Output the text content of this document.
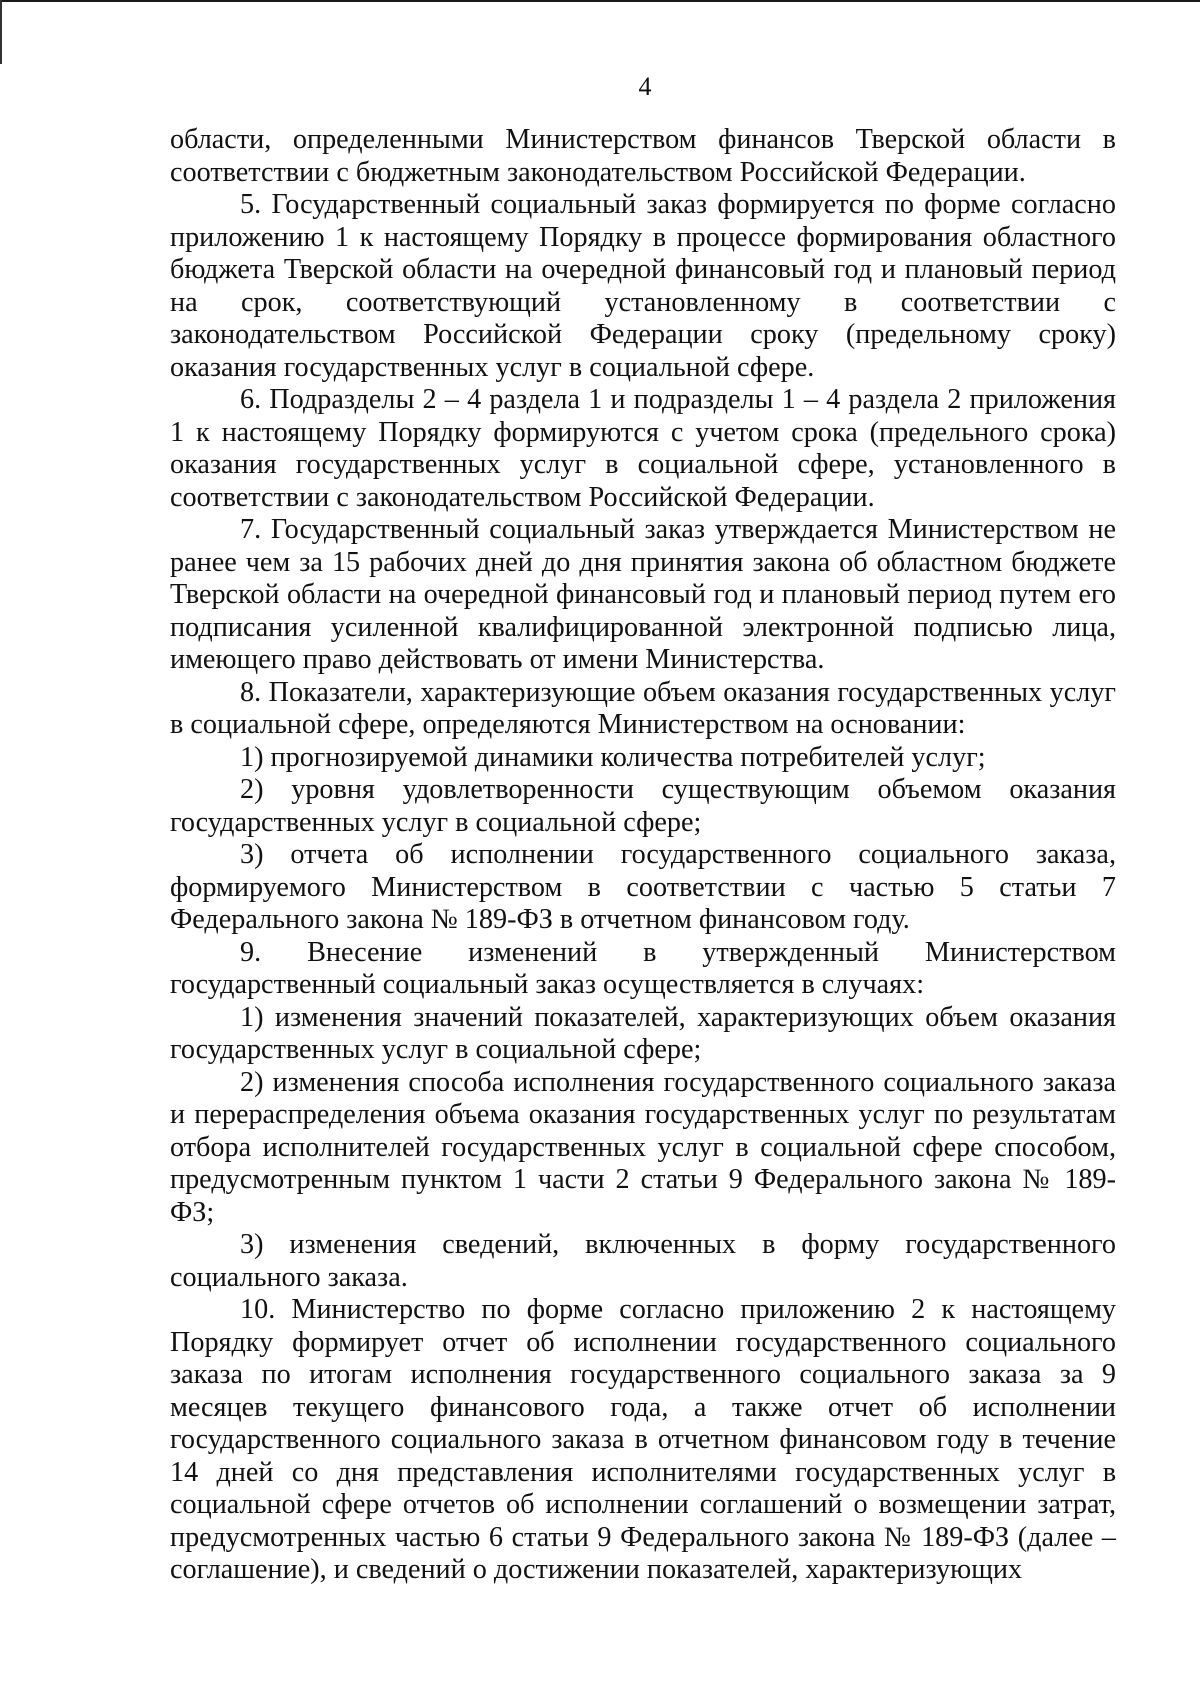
4

области, определенными Министерством финансов Тверской области в соответствии с бюджетным законодательством Российской Федерации.

5. Государственный социальный заказ формируется по форме согласно приложению 1 к настоящему Порядку в процессе формирования областного бюджета Тверской области на очередной финансовый год и плановый период на срок, соответствующий установленному в соответствии с законодательством Российской Федерации сроку (предельному сроку) оказания государственных услуг в социальной сфере.

6. Подразделы 2 – 4 раздела 1 и подразделы 1 – 4 раздела 2 приложения 1 к настоящему Порядку формируются с учетом срока (предельного срока) оказания государственных услуг в социальной сфере, установленного в соответствии с законодательством Российской Федерации.

7. Государственный социальный заказ утверждается Министерством не ранее чем за 15 рабочих дней до дня принятия закона об областном бюджете Тверской области на очередной финансовый год и плановый период путем его подписания усиленной квалифицированной электронной подписью лица, имеющего право действовать от имени Министерства.

8. Показатели, характеризующие объем оказания государственных услуг в социальной сфере, определяются Министерством на основании:

1) прогнозируемой динамики количества потребителей услуг;

2) уровня удовлетворенности существующим объемом оказания государственных услуг в социальной сфере;

3) отчета об исполнении государственного социального заказа, формируемого Министерством в соответствии с частью 5 статьи 7 Федерального закона № 189-ФЗ в отчетном финансовом году.

9. Внесение изменений в утвержденный Министерством государственный социальный заказ осуществляется в случаях:

1) изменения значений показателей, характеризующих объем оказания государственных услуг в социальной сфере;

2) изменения способа исполнения государственного социального заказа и перераспределения объема оказания государственных услуг по результатам отбора исполнителей государственных услуг в социальной сфере способом, предусмотренным пунктом 1 части 2 статьи 9 Федерального закона № 189-ФЗ;

3) изменения сведений, включенных в форму государственного социального заказа.

10. Министерство по форме согласно приложению 2 к настоящему Порядку формирует отчет об исполнении государственного социального заказа по итогам исполнения государственного социального заказа за 9 месяцев текущего финансового года, а также отчет об исполнении государственного социального заказа в отчетном финансовом году в течение 14 дней со дня представления исполнителями государственных услуг в социальной сфере отчетов об исполнении соглашений о возмещении затрат, предусмотренных частью 6 статьи 9 Федерального закона № 189-ФЗ (далее – соглашение), и сведений о достижении показателей, характеризующих
